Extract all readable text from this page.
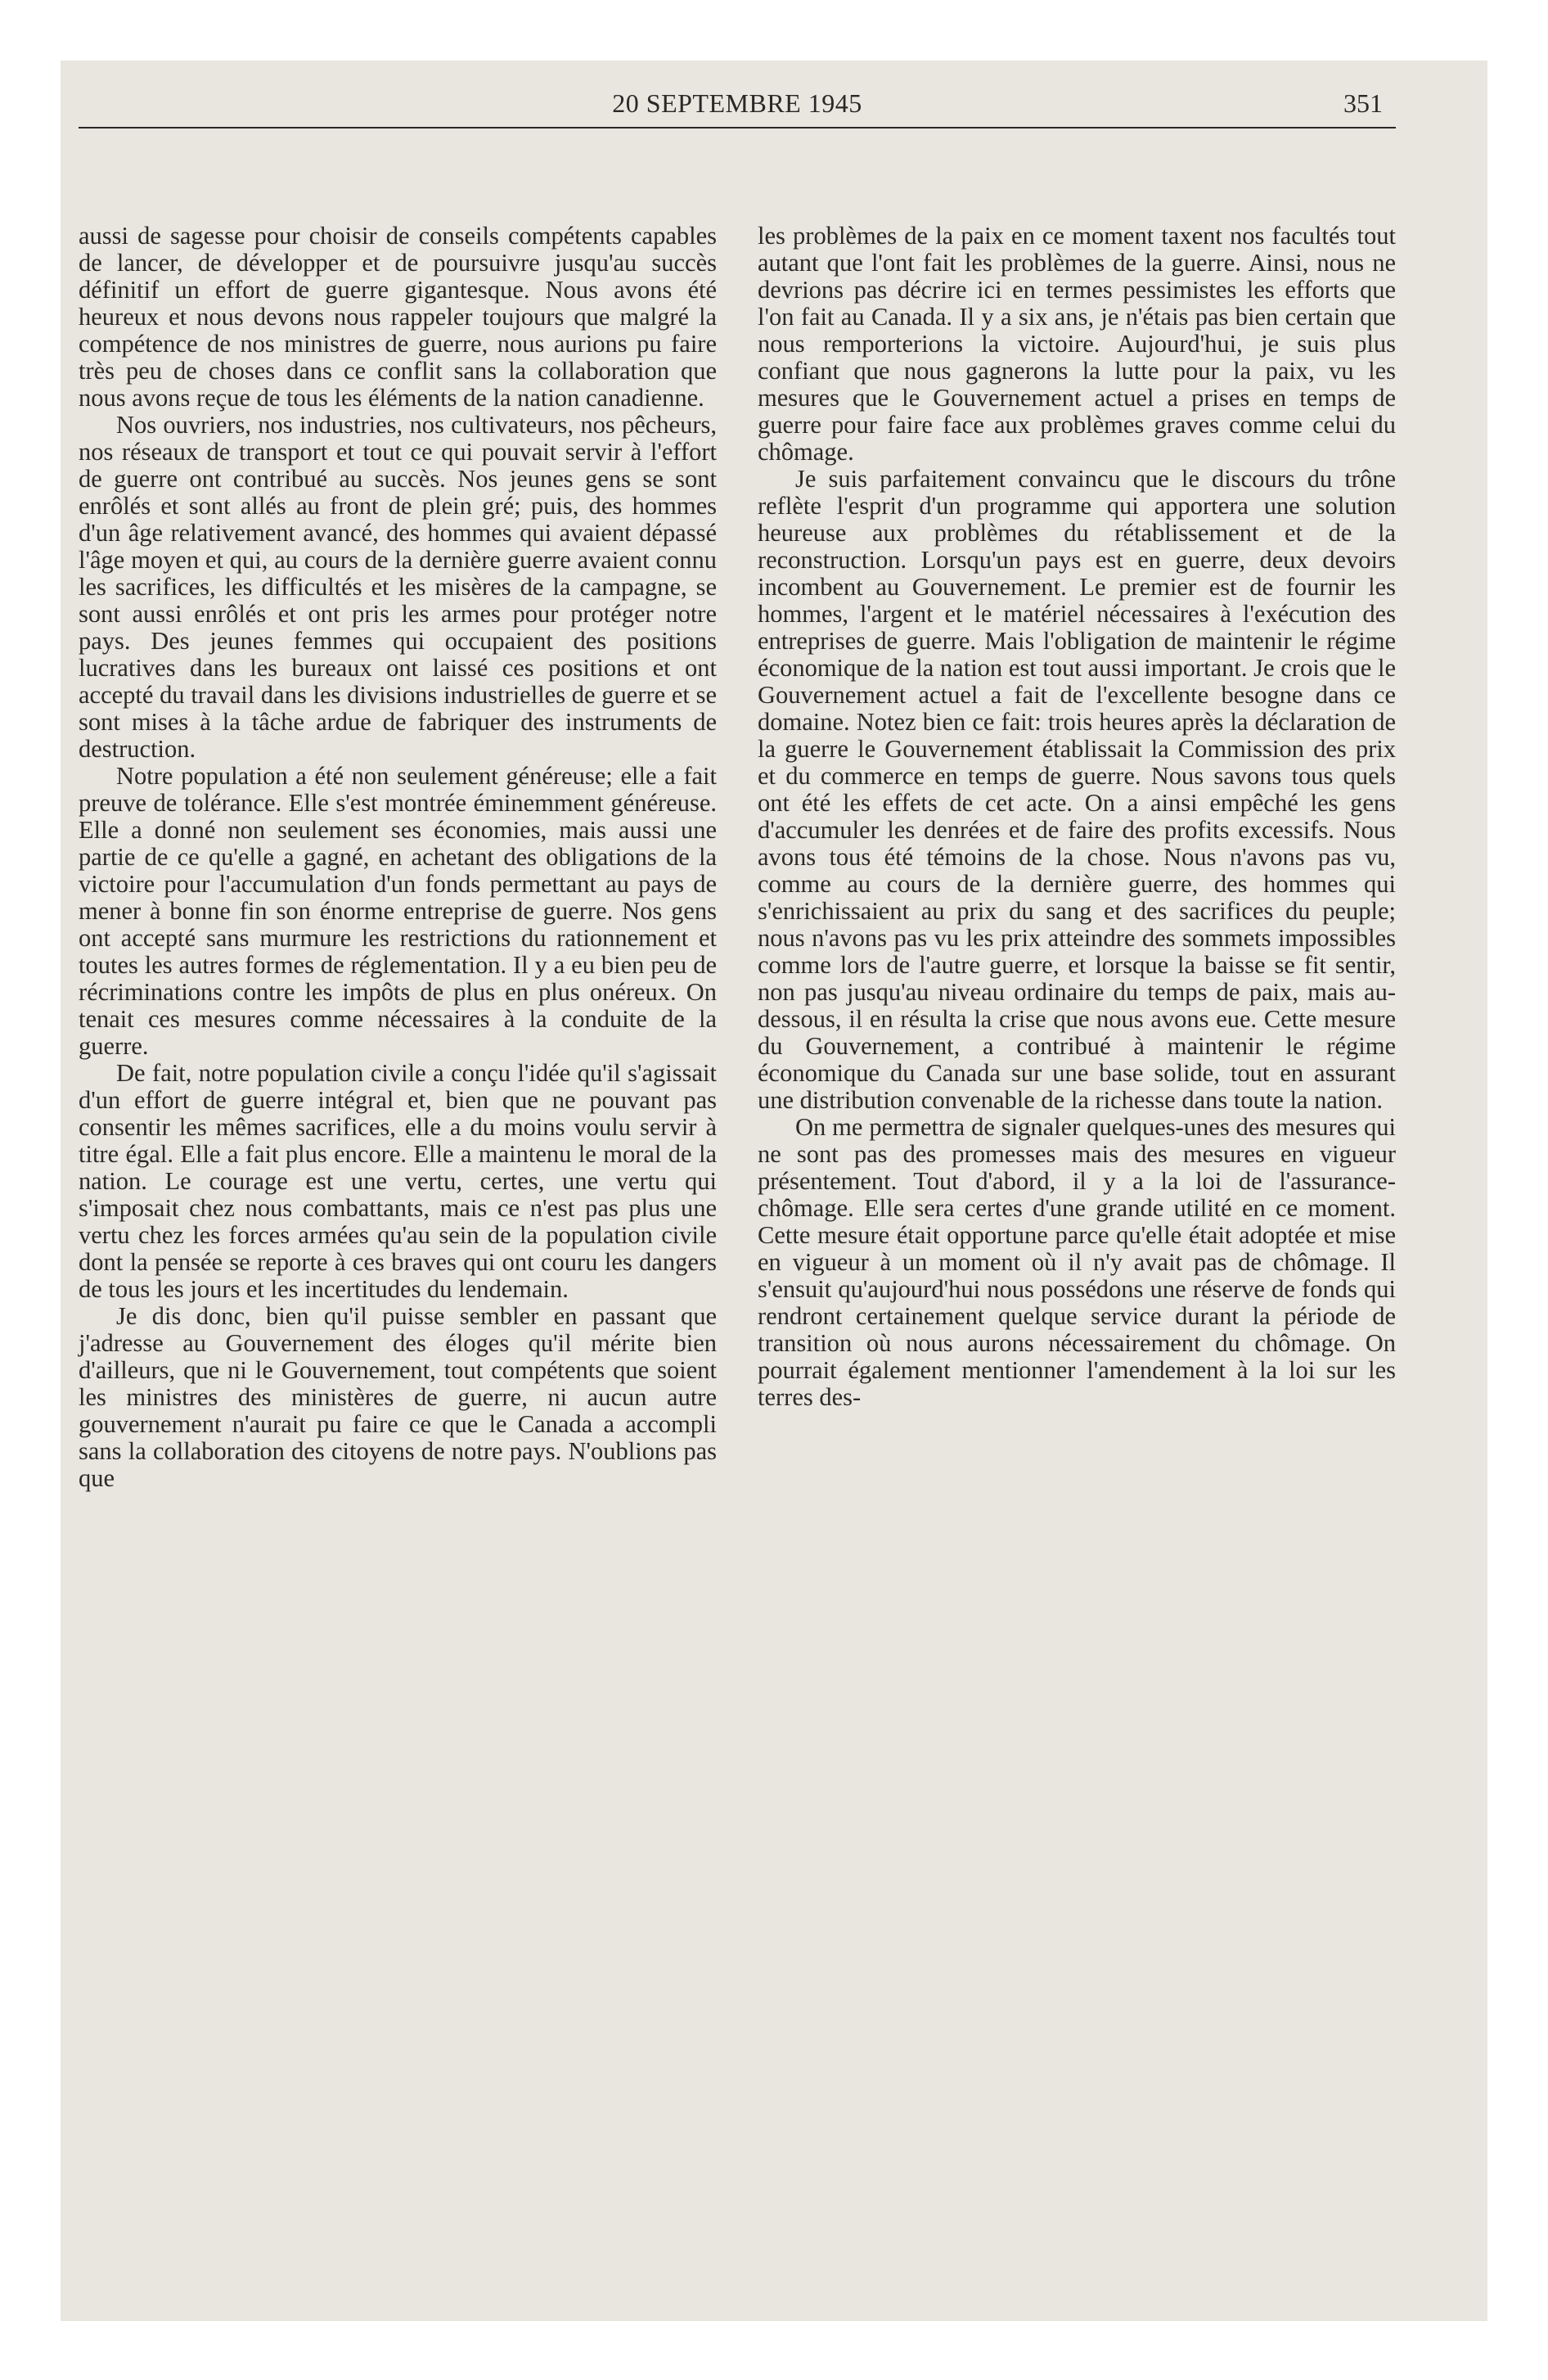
20 SEPTEMBRE 1945	351

aussi de sagesse pour choisir de conseils compétents capables de lancer, de développer et de poursuivre jusqu'au succès définitif un effort de guerre gigantesque. Nous avons été heureux et nous devons nous rappeler toujours que malgré la compétence de nos ministres de guerre, nous aurions pu faire très peu de choses dans ce conflit sans la collaboration que nous avons reçue de tous les éléments de la nation canadienne.

Nos ouvriers, nos industries, nos cultivateurs, nos pêcheurs, nos réseaux de transport et tout ce qui pouvait servir à l'effort de guerre ont contribué au succès. Nos jeunes gens se sont enrôlés et sont allés au front de plein gré; puis, des hommes d'un âge relativement avancé, des hommes qui avaient dépassé l'âge moyen et qui, au cours de la dernière guerre avaient connu les sacrifices, les difficultés et les misères de la campagne, se sont aussi enrôlés et ont pris les armes pour protéger notre pays. Des jeunes femmes qui occupaient des positions lucratives dans les bureaux ont laissé ces positions et ont accepté du travail dans les divisions industrielles de guerre et se sont mises à la tâche ardue de fabriquer des instruments de destruction.

Notre population a été non seulement généreuse; elle a fait preuve de tolérance. Elle s'est montrée éminemment généreuse. Elle a donné non seulement ses économies, mais aussi une partie de ce qu'elle a gagné, en achetant des obligations de la victoire pour l'accumulation d'un fonds permettant au pays de mener à bonne fin son énorme entreprise de guerre. Nos gens ont accepté sans murmure les restrictions du rationnement et toutes les autres formes de réglementation. Il y a eu bien peu de récriminations contre les impôts de plus en plus onéreux. On tenait ces mesures comme nécessaires à la conduite de la guerre.

De fait, notre population civile a conçu l'idée qu'il s'agissait d'un effort de guerre intégral et, bien que ne pouvant pas consentir les mêmes sacrifices, elle a du moins voulu servir à titre égal. Elle a fait plus encore. Elle a maintenu le moral de la nation. Le courage est une vertu, certes, une vertu qui s'imposait chez nous combattants, mais ce n'est pas plus une vertu chez les forces armées qu'au sein de la population civile dont la pensée se reporte à ces braves qui ont couru les dangers de tous les jours et les incertitudes du lendemain.

Je dis donc, bien qu'il puisse sembler en passant que j'adresse au Gouvernement des éloges qu'il mérite bien d'ailleurs, que ni le Gouvernement, tout compétents que soient les ministres des ministères de guerre, ni aucun autre gouvernement n'aurait pu faire ce que le Canada a accompli sans la collaboration des citoyens de notre pays. N'oublions pas que

les problèmes de la paix en ce moment taxent nos facultés tout autant que l'ont fait les problèmes de la guerre. Ainsi, nous ne devrions pas décrire ici en termes pessimistes les efforts que l'on fait au Canada. Il y a six ans, je n'étais pas bien certain que nous remporterions la victoire. Aujourd'hui, je suis plus confiant que nous gagnerons la lutte pour la paix, vu les mesures que le Gouvernement actuel a prises en temps de guerre pour faire face aux problèmes graves comme celui du chômage.

Je suis parfaitement convaincu que le discours du trône reflète l'esprit d'un programme qui apportera une solution heureuse aux problèmes du rétablissement et de la reconstruction. Lorsqu'un pays est en guerre, deux devoirs incombent au Gouvernement. Le premier est de fournir les hommes, l'argent et le matériel nécessaires à l'exécution des entreprises de guerre. Mais l'obligation de maintenir le régime économique de la nation est tout aussi important. Je crois que le Gouvernement actuel a fait de l'excellente besogne dans ce domaine. Notez bien ce fait: trois heures après la déclaration de la guerre le Gouvernement établissait la Commission des prix et du commerce en temps de guerre. Nous savons tous quels ont été les effets de cet acte. On a ainsi empêché les gens d'accumuler les denrées et de faire des profits excessifs. Nous avons tous été témoins de la chose. Nous n'avons pas vu, comme au cours de la dernière guerre, des hommes qui s'enrichissaient au prix du sang et des sacrifices du peuple; nous n'avons pas vu les prix atteindre des sommets impossibles comme lors de l'autre guerre, et lorsque la baisse se fit sentir, non pas jusqu'au niveau ordinaire du temps de paix, mais au-dessous, il en résulta la crise que nous avons eue. Cette mesure du Gouvernement, a contribué à maintenir le régime économique du Canada sur une base solide, tout en assurant une distribution convenable de la richesse dans toute la nation.

On me permettra de signaler quelques-unes des mesures qui ne sont pas des promesses mais des mesures en vigueur présentement. Tout d'abord, il y a la loi de l'assurance-chômage. Elle sera certes d'une grande utilité en ce moment. Cette mesure était opportune parce qu'elle était adoptée et mise en vigueur à un moment où il n'y avait pas de chômage. Il s'ensuit qu'aujourd'hui nous possédons une réserve de fonds qui rendront certainement quelque service durant la période de transition où nous aurons nécessairement du chômage. On pourrait également mentionner l'amendement à la loi sur les terres des-
